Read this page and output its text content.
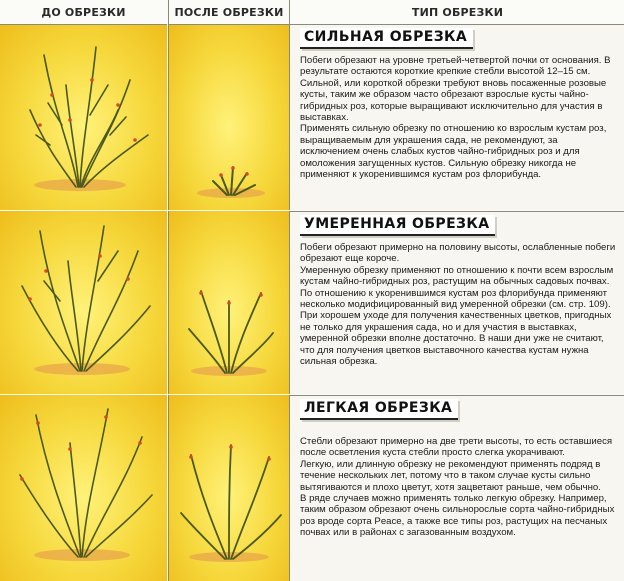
ДО ОБРЕЗКИ	ПОСЛЕ ОБРЕЗКИ	ТИП ОБРЕЗКИ
СИЛЬНАЯ ОБРЕЗКА

Побеги обрезают на уровне третьей-четвертой почки от основания. В результате остаются короткие крепкие стебли высотой 12–15 см. Сильной, или короткой обрезки требуют вновь посаженные розовые кусты, таким же образом часто обрезают взрослые кусты чайно-гибридных роз, которые выращивают исключительно для участия в выставках.

Применять сильную обрезку по отношению ко взрослым кустам роз, выращиваемым для украшения сада, не рекомендуют, за исключением очень слабых кустов чайно-гибридных роз и для омоложения загущенных кустов. Сильную обрезку никогда не применяют к укоренившимся кустам роз флорибунда.

УМЕРЕННАЯ ОБРЕЗКА

Побеги обрезают примерно на половину высоты, ослабленные побеги обрезают еще короче.

Умеренную обрезку применяют по отношению к почти всем взрослым кустам чайно-гибридных роз, растущим на обычных садовых почвах. По отношению к укоренившимся кустам роз флорибунда применяют несколько модифицированный вид умеренной обрезки (см. стр. 109).

При хорошем уходе для получения качественных цветков, пригодных не только для украшения сада, но и для участия в выставках, умеренной обрезки вполне достаточно. В наши дни уже не считают, что для получения цветков выставочного качества кустам нужна сильная обрезка.

ЛЕГКАЯ ОБРЕЗКА

Стебли обрезают примерно на две трети высоты, то есть оставшиеся после осветления куста стебли просто слегка укорачивают.

Легкую, или длинную обрезку не рекомендуют применять подряд в течение нескольких лет, потому что в таком случае кусты сильно вытягиваются и плохо цветут, хотя зацветают раньше, чем обычно.

В ряде случаев можно применять только легкую обрезку. Например, таким образом обрезают очень сильнорослые сорта чайно-гибридных роз вроде сорта Peace, а также все типы роз, растущих на песчаных почвах или в районах с загазованным воздухом.
